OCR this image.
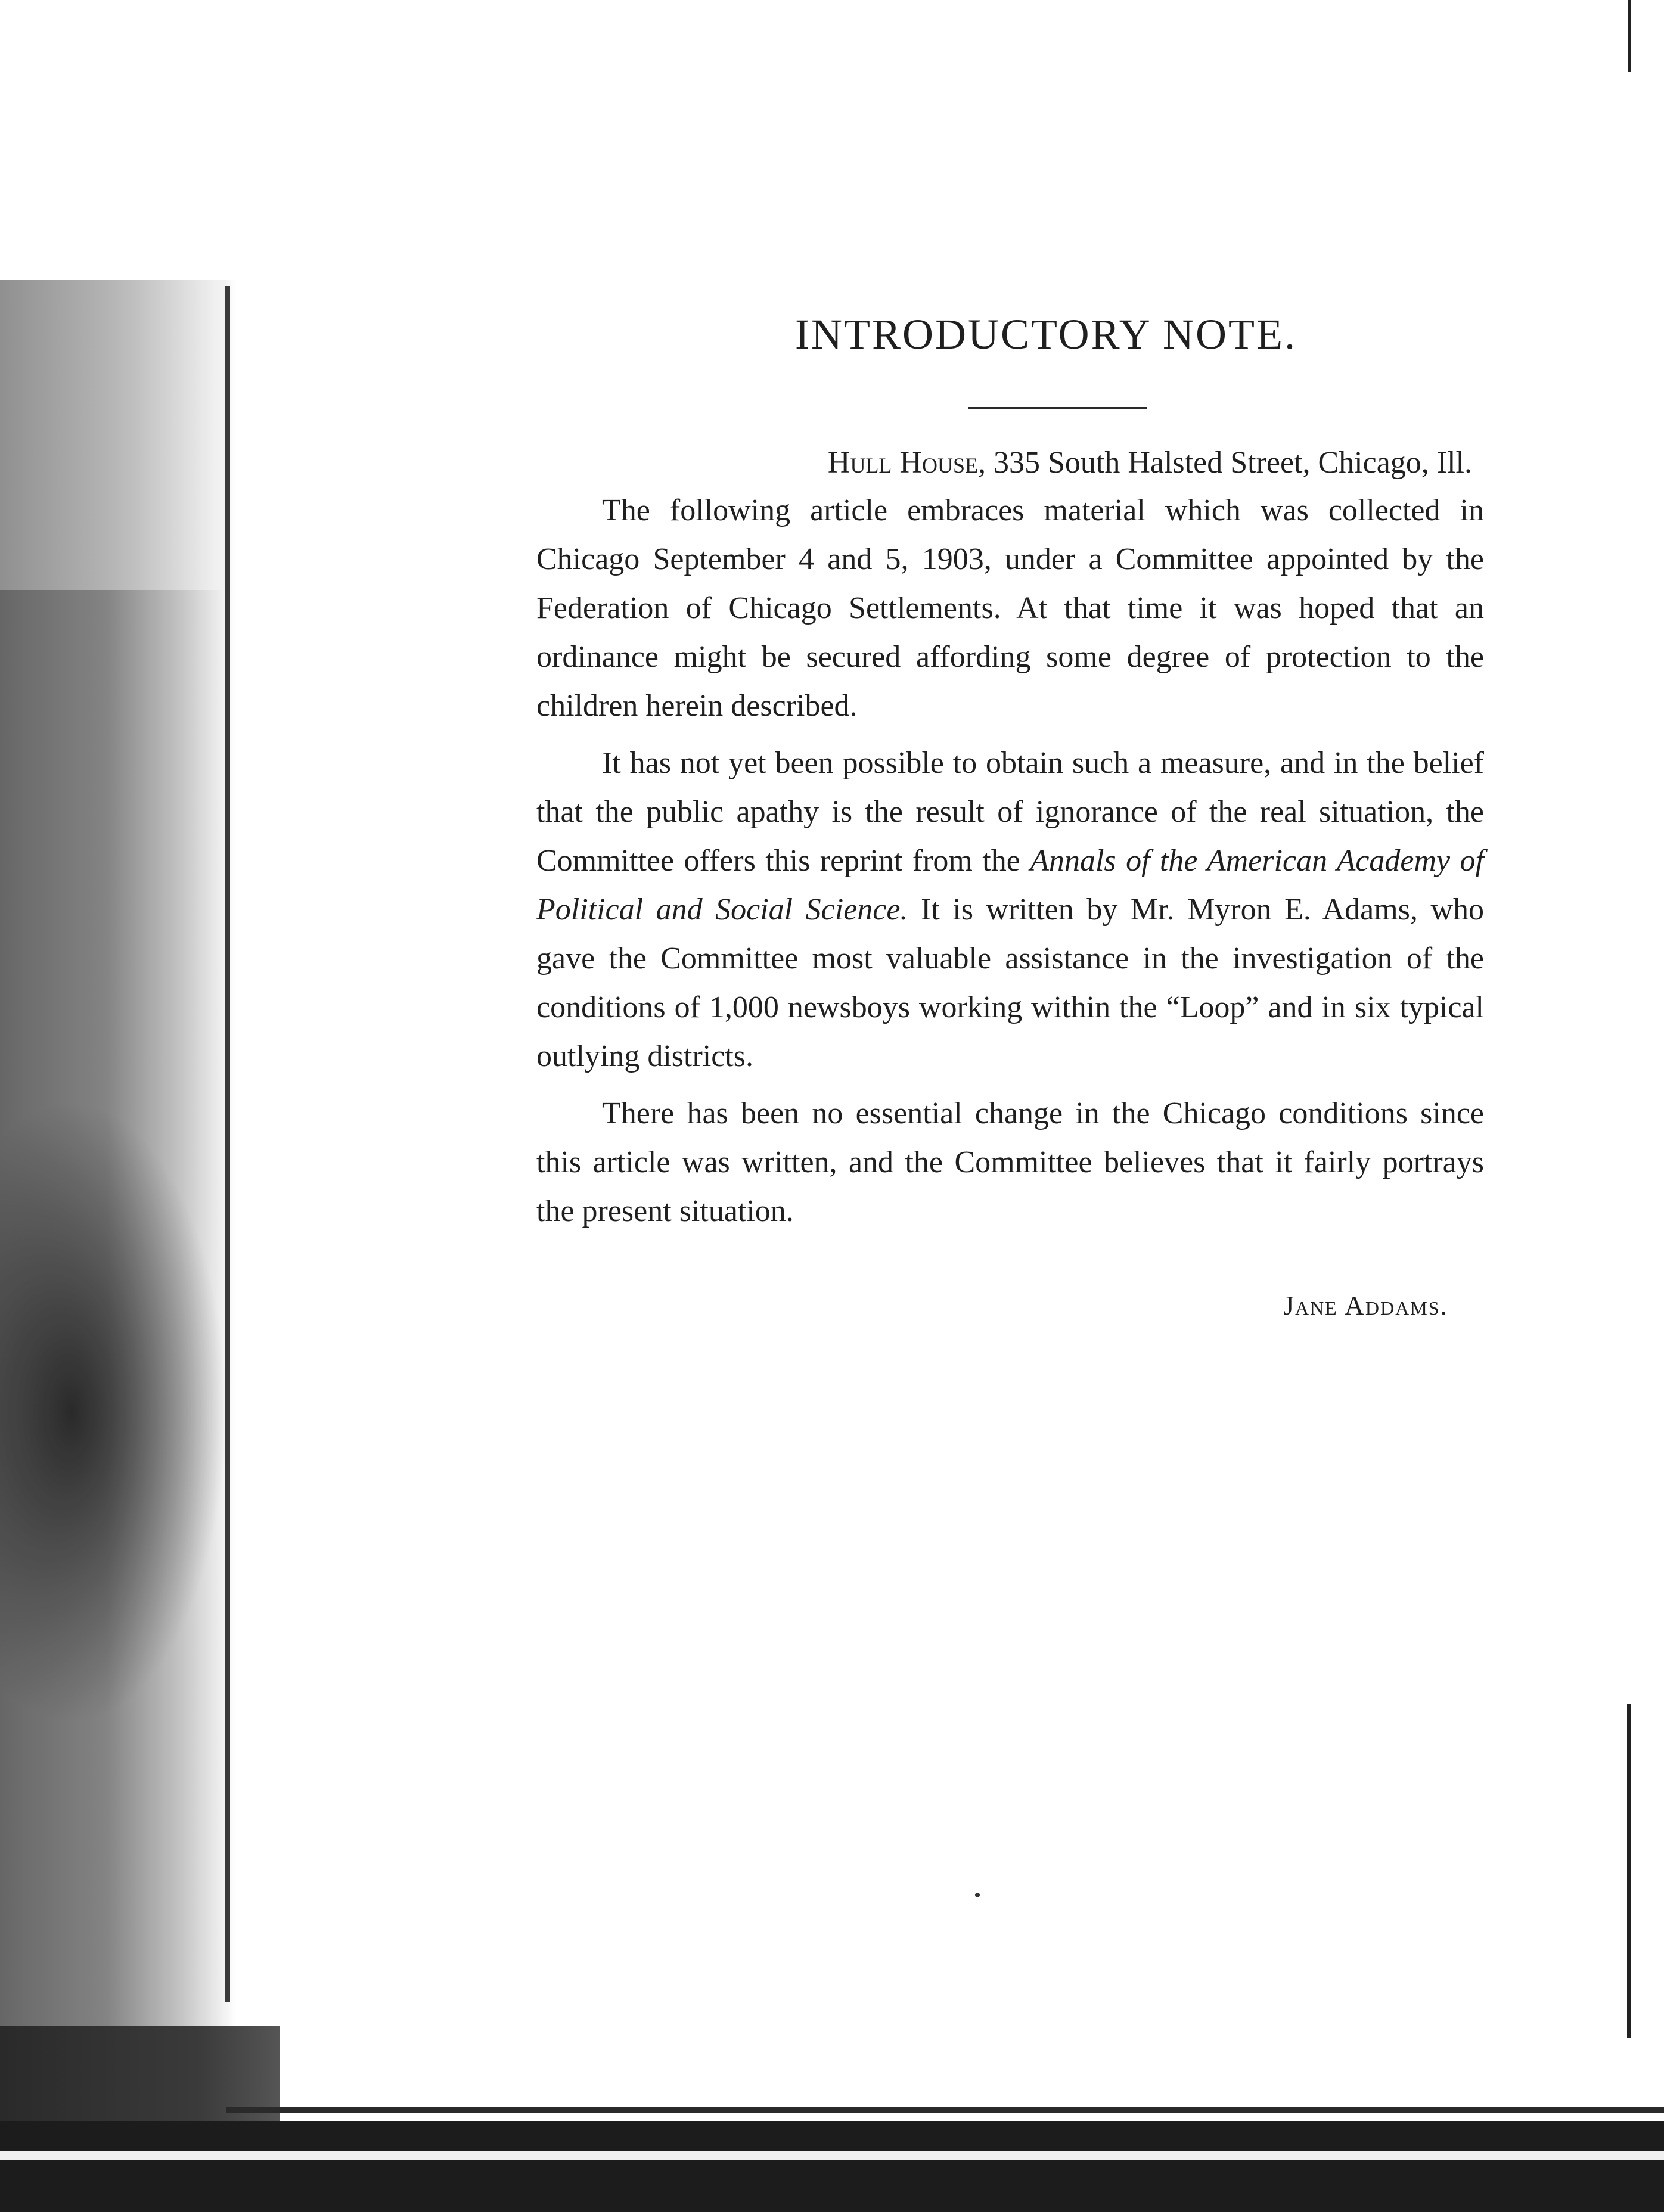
INTRODUCTORY NOTE.
Hull House, 335 South Halsted Street, Chicago, Ill.

The following article embraces material which was collected in Chicago September 4 and 5, 1903, under a Committee appointed by the Federation of Chicago Settlements. At that time it was hoped that an ordinance might be secured affording some degree of protection to the children herein described.

It has not yet been possible to obtain such a measure, and in the belief that the public apathy is the result of ignorance of the real situation, the Committee offers this reprint from the Annals of the American Academy of Political and Social Science. It is written by Mr. Myron E. Adams, who gave the Committee most valuable assistance in the investigation of the conditions of 1,000 newsboys working within the “Loop” and in six typical outlying districts.

There has been no essential change in the Chicago conditions since this article was written, and the Committee believes that it fairly portrays the present situation.

Jane Addams.
